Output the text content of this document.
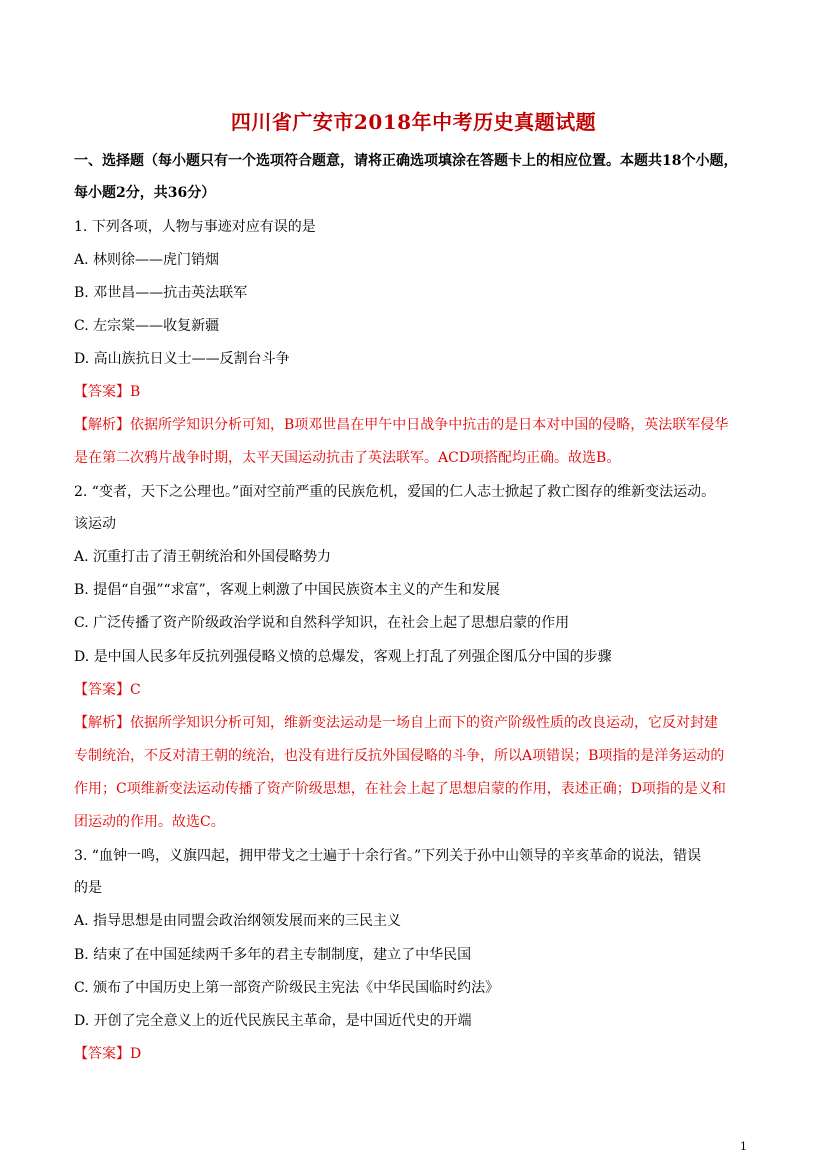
四川省广安市2018年中考历史真题试题
一、选择题（每小题只有一个选项符合题意，请将正确选项填涂在答题卡上的相应位置。本题共18个小题，
每小题2分，共36分）
1. 下列各项，人物与事迹对应有误的是
A. 林则徐——虎门销烟
B. 邓世昌——抗击英法联军
C. 左宗棠——收复新疆
D. 高山族抗日义士——反割台斗争
【答案】B
【解析】依据所学知识分析可知，B项邓世昌在甲午中日战争中抗击的是日本对中国的侵略，英法联军侵华
是在第二次鸦片战争时期，太平天国运动抗击了英法联军。ACD项搭配均正确。故选B。
2. “变者，天下之公理也。”面对空前严重的民族危机，爱国的仁人志士掀起了救亡图存的维新变法运动。
该运动
A. 沉重打击了清王朝统治和外国侵略势力
B. 提倡“自强”“求富”，客观上刺激了中国民族资本主义的产生和发展
C. 广泛传播了资产阶级政治学说和自然科学知识，在社会上起了思想启蒙的作用
D. 是中国人民多年反抗列强侵略义愤的总爆发，客观上打乱了列强企图瓜分中国的步骤
【答案】C
【解析】依据所学知识分析可知，维新变法运动是一场自上而下的资产阶级性质的改良运动，它反对封建
专制统治，不反对清王朝的统治，也没有进行反抗外国侵略的斗争，所以A项错误；B项指的是洋务运动的
作用；C项维新变法运动传播了资产阶级思想，在社会上起了思想启蒙的作用，表述正确；D项指的是义和
团运动的作用。故选C。
3. “血钟一鸣，义旗四起，拥甲带戈之士遍于十余行省。”下列关于孙中山领导的辛亥革命的说法，错误
的是
A. 指导思想是由同盟会政治纲领发展而来的三民主义
B. 结束了在中国延续两千多年的君主专制制度，建立了中华民国
C. 颁布了中国历史上第一部资产阶级民主宪法《中华民国临时约法》
D. 开创了完全意义上的近代民族民主革命，是中国近代史的开端
【答案】D
1
